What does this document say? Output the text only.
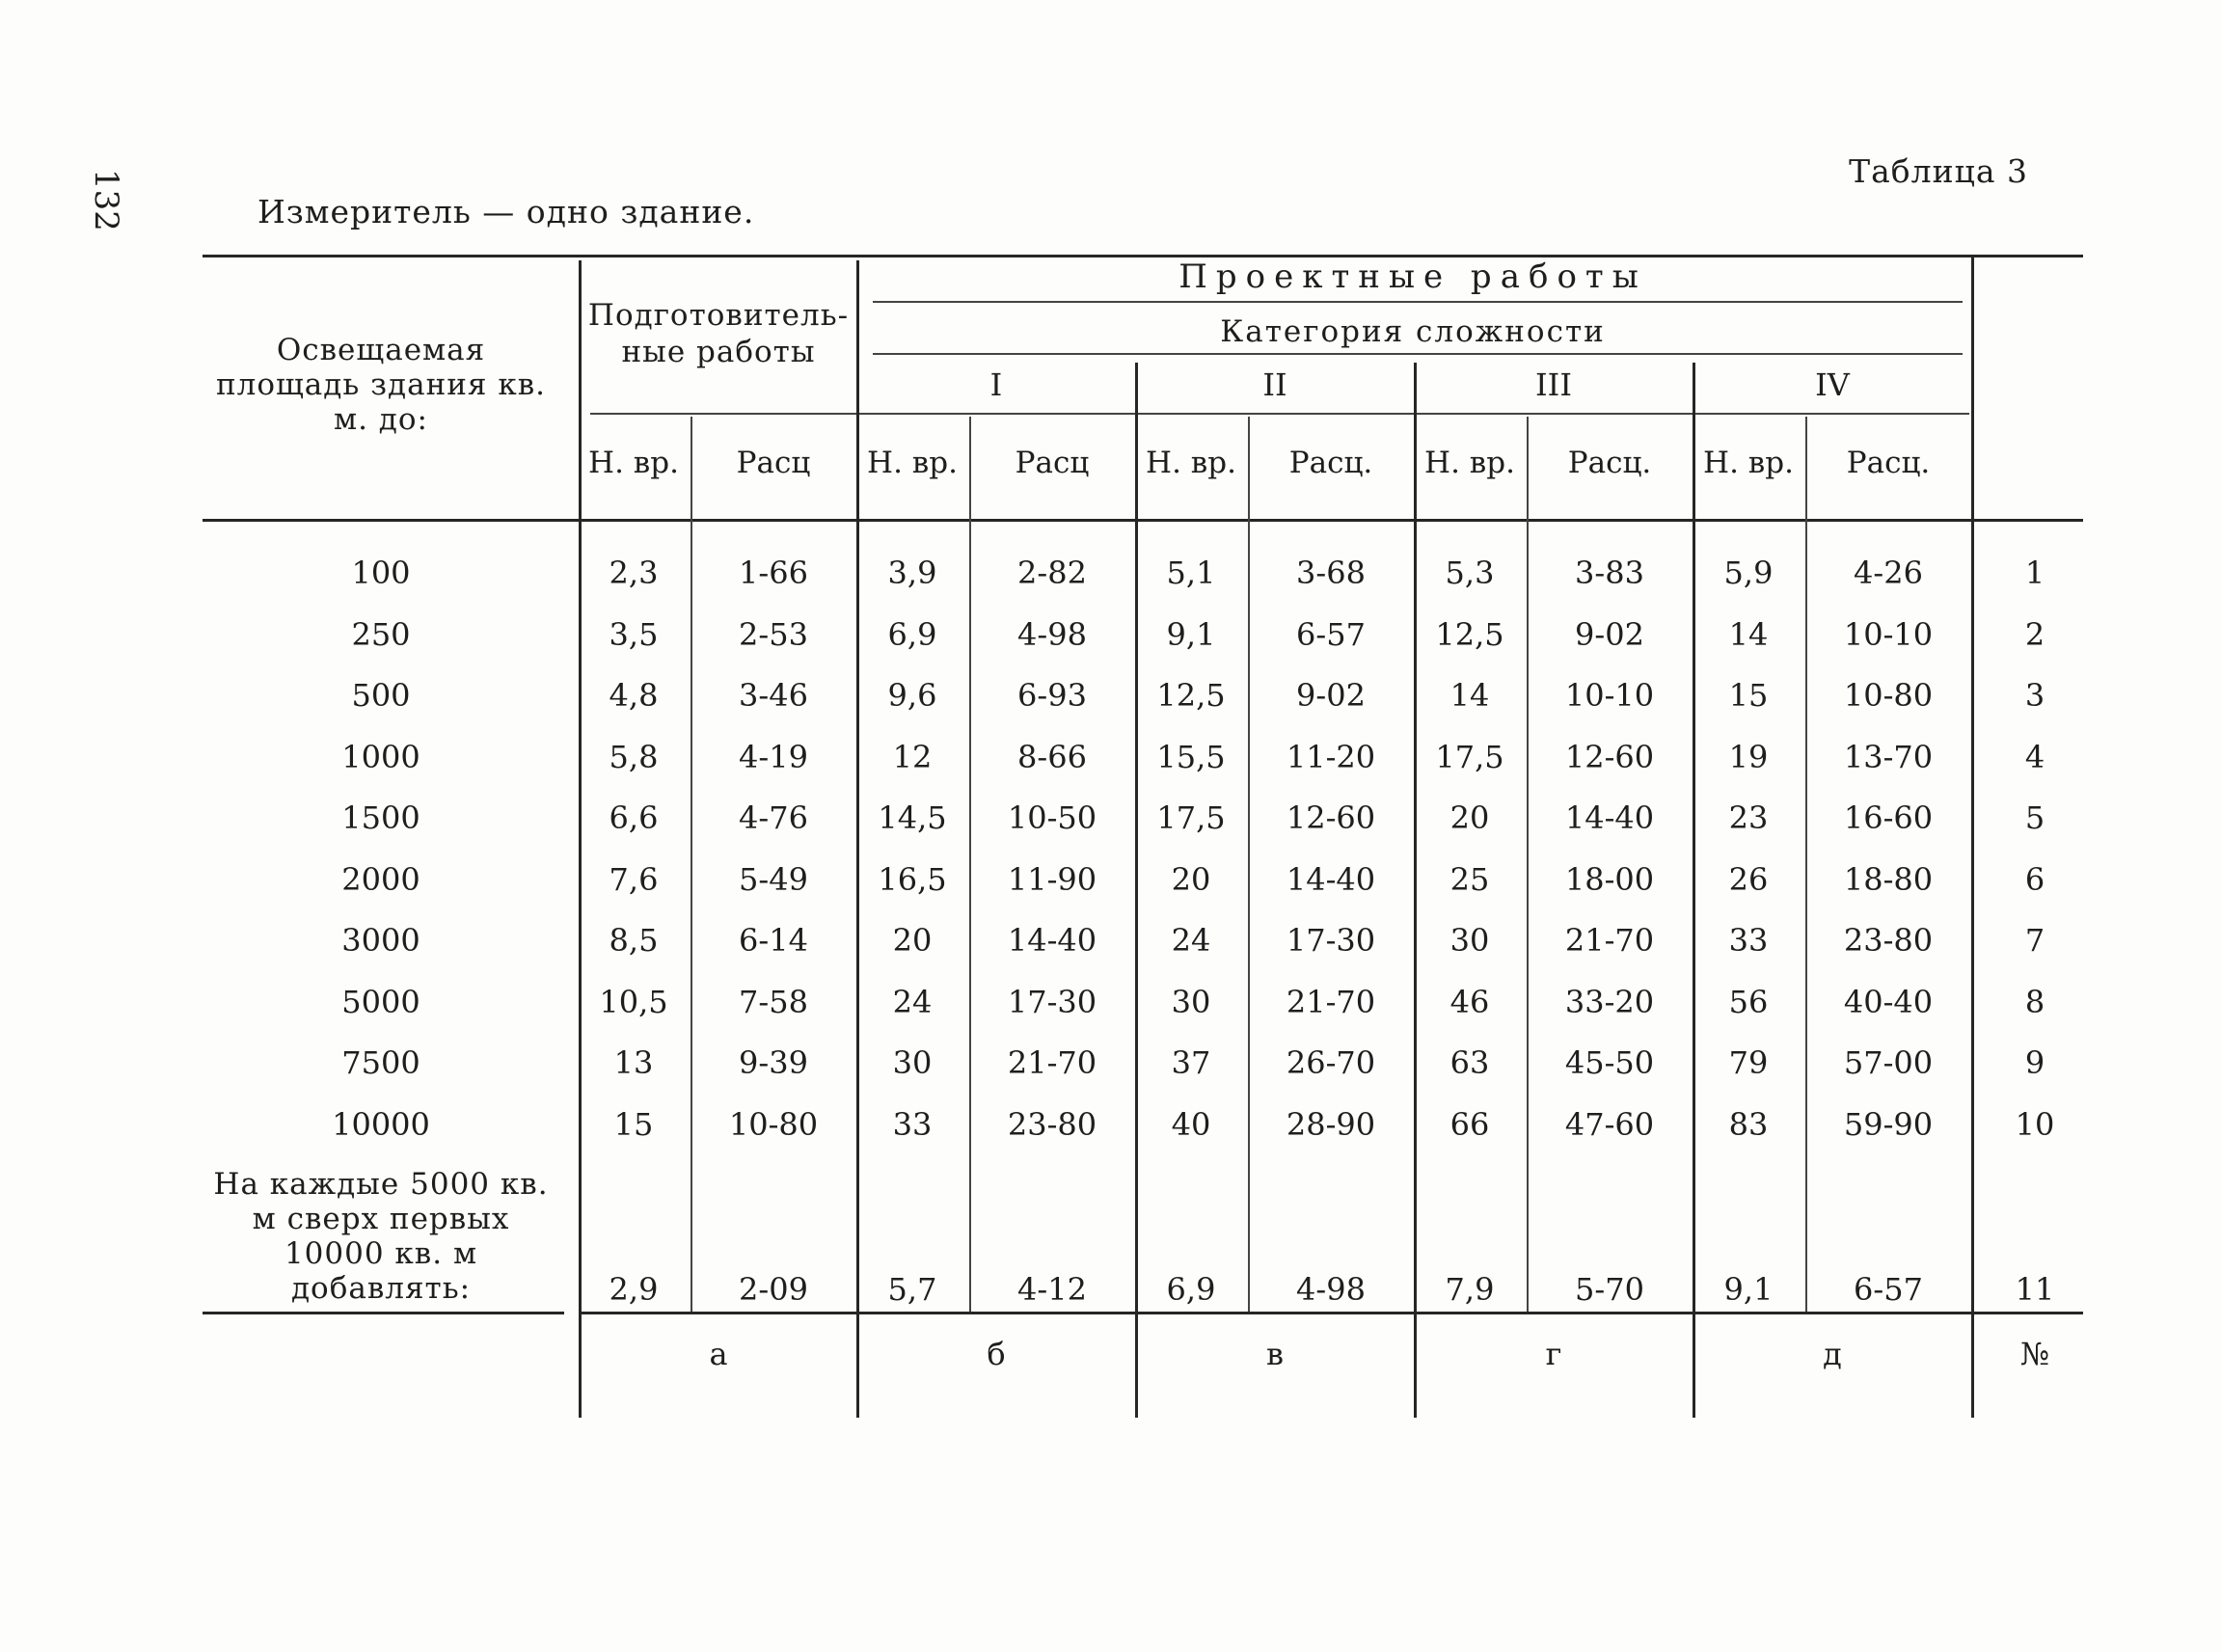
132	Измеритель — одно здание.
Таблица 3
Освещаемая площадь здания кв. м. до:
Подготовитель-ные работы
Проектные работы
Категория сложности
I	II	III	IV
Н. вр.	Расц	Н. вр.	Расц	Н. вр.	Расц.	Н. вр.	Расц.	Н. вр.	Расц.
100	2,3	1-66	3,9	2-82	5,1	3-68	5,3	3-83	5,9	4-26	1
250	3,5	2-53	6,9	4-98	9,1	6-57	12,5	9-02	14	10-10	2
500	4,8	3-46	9,6	6-93	12,5	9-02	14	10-10	15	10-80	3
1000	5,8	4-19	12	8-66	15,5	11-20	17,5	12-60	19	13-70	4
1500	6,6	4-76	14,5	10-50	17,5	12-60	20	14-40	23	16-60	5
2000	7,6	5-49	16,5	11-90	20	14-40	25	18-00	26	18-80	6
3000	8,5	6-14	20	14-40	24	17-30	30	21-70	33	23-80	7
5000	10,5	7-58	24	17-30	30	21-70	46	33-20	56	40-40	8
7500	13	9-39	30	21-70	37	26-70	63	45-50	79	57-00	9
10000	15	10-80	33	23-80	40	28-90	66	47-60	83	59-90	10
На каждые 5000 кв. м сверх первых 10000 кв. м добавлять:	2,9	2-09	5,7	4-12	6,9	4-98	7,9	5-70	9,1	6-57	11
а	б	в	г	д	№
